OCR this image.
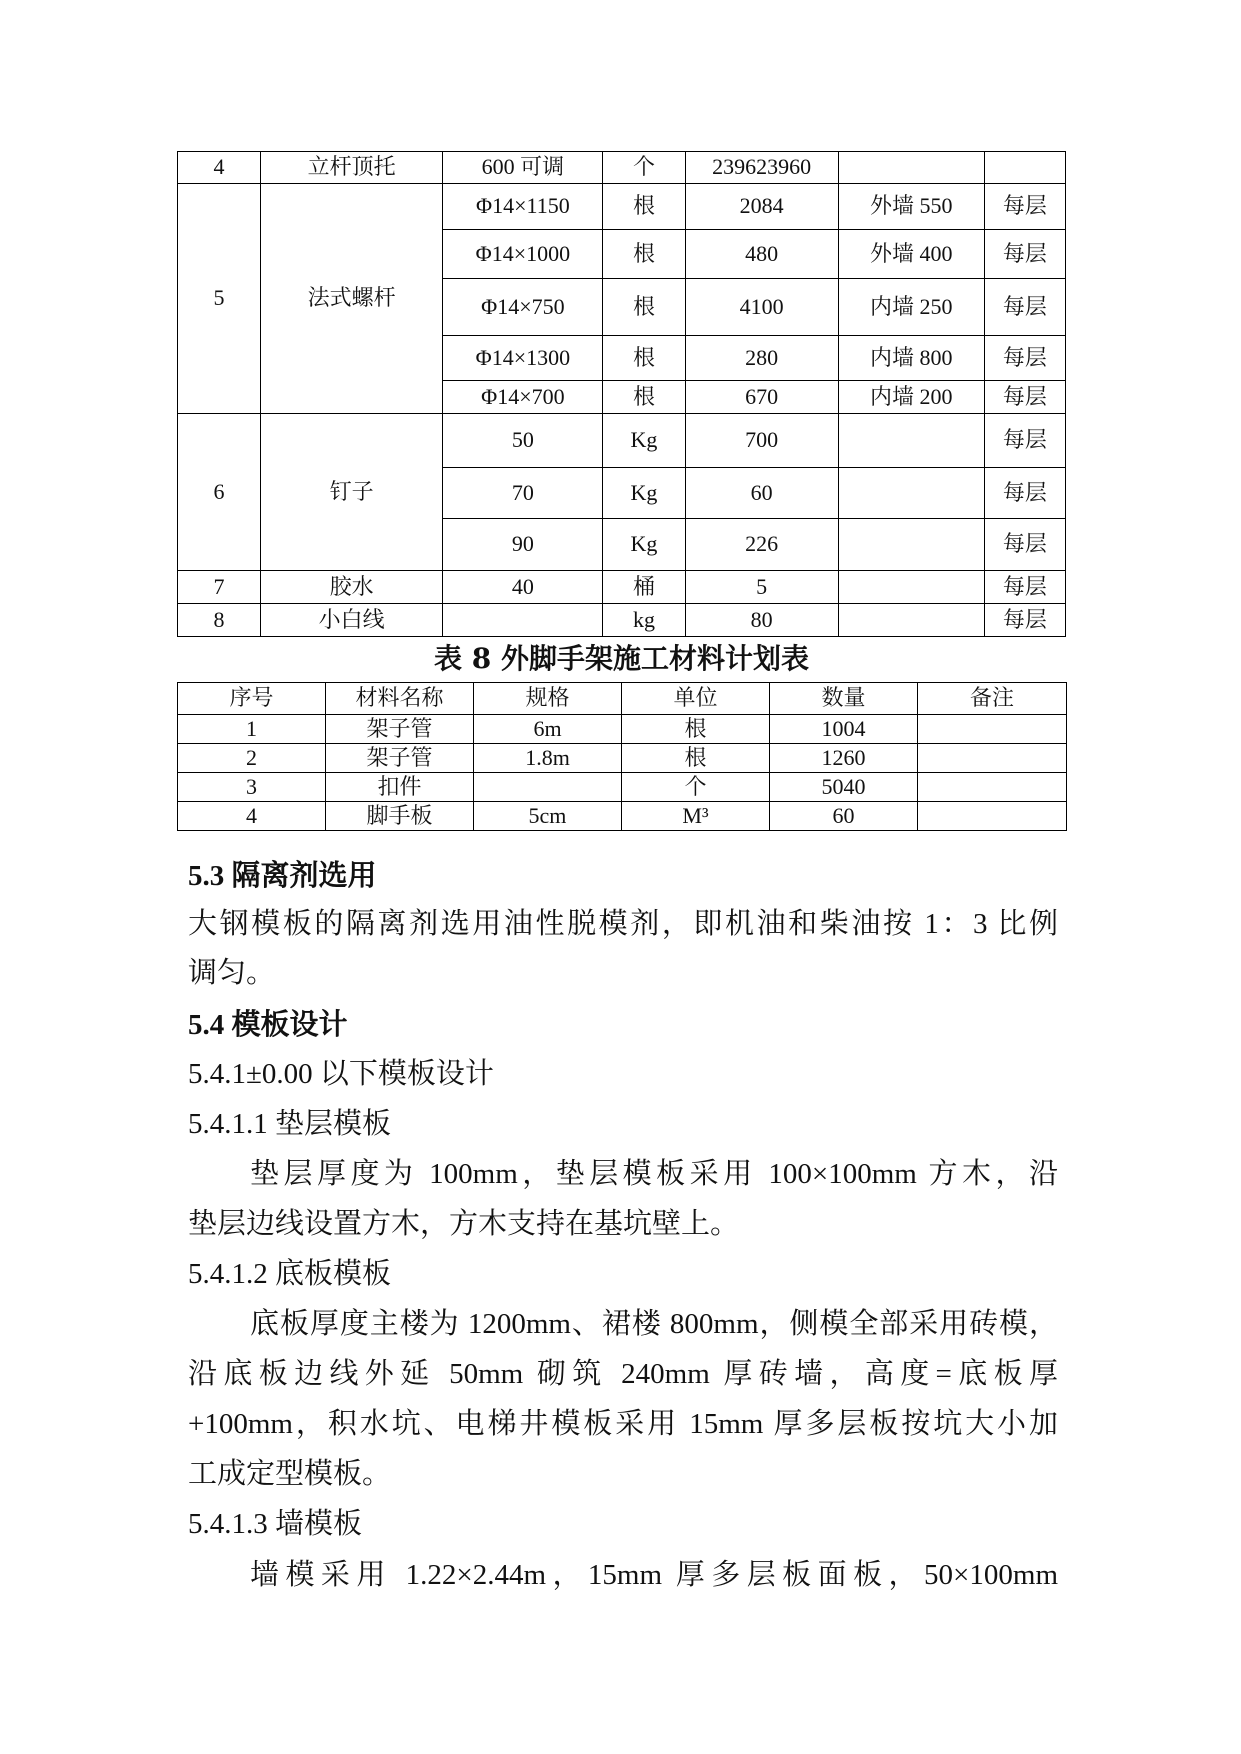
4	立杆顶托	600 可调	个	239623960		
5	法式螺杆	Φ14×1150	根	2084	外墙 550	每层
		Φ14×1000	根	480	外墙 400	每层
		Φ14×750	根	4100	内墙 250	每层
		Φ14×1300	根	280	内墙 800	每层
		Φ14×700	根	670	内墙 200	每层
6	钉子	50	Kg	700		每层
		70	Kg	60		每层
		90	Kg	226		每层
7	胶水	40	桶	5		每层
8	小白线		kg	80		每层
表 8 外脚手架施工材料计划表
序号	材料名称	规格	单位	数量	备注
1	架子管	6m	根	1004	
2	架子管	1.8m	根	1260	
3	扣件		个	5040	
4	脚手板	5cm	M³	60	
5.3 隔离剂选用
大钢模板的隔离剂选用油性脱模剂，即机油和柴油按 1：3 比例
调匀。
5.4 模板设计
5.4.1±0.00 以下模板设计
5.4.1.1 垫层模板
垫层厚度为 100mm，垫层模板采用 100×100mm 方木，沿
垫层边线设置方木，方木支持在基坑壁上。
5.4.1.2 底板模板
底板厚度主楼为 1200mm、裙楼 800mm，侧模全部采用砖模，
沿底板边线外延 50mm 砌筑 240mm 厚砖墙，高度=底板厚
+100mm，积水坑、电梯井模板采用 15mm 厚多层板按坑大小加
工成定型模板。
5.4.1.3 墙模板
墙模采用 1.22×2.44m，15mm 厚多层板面板，50×100mm
